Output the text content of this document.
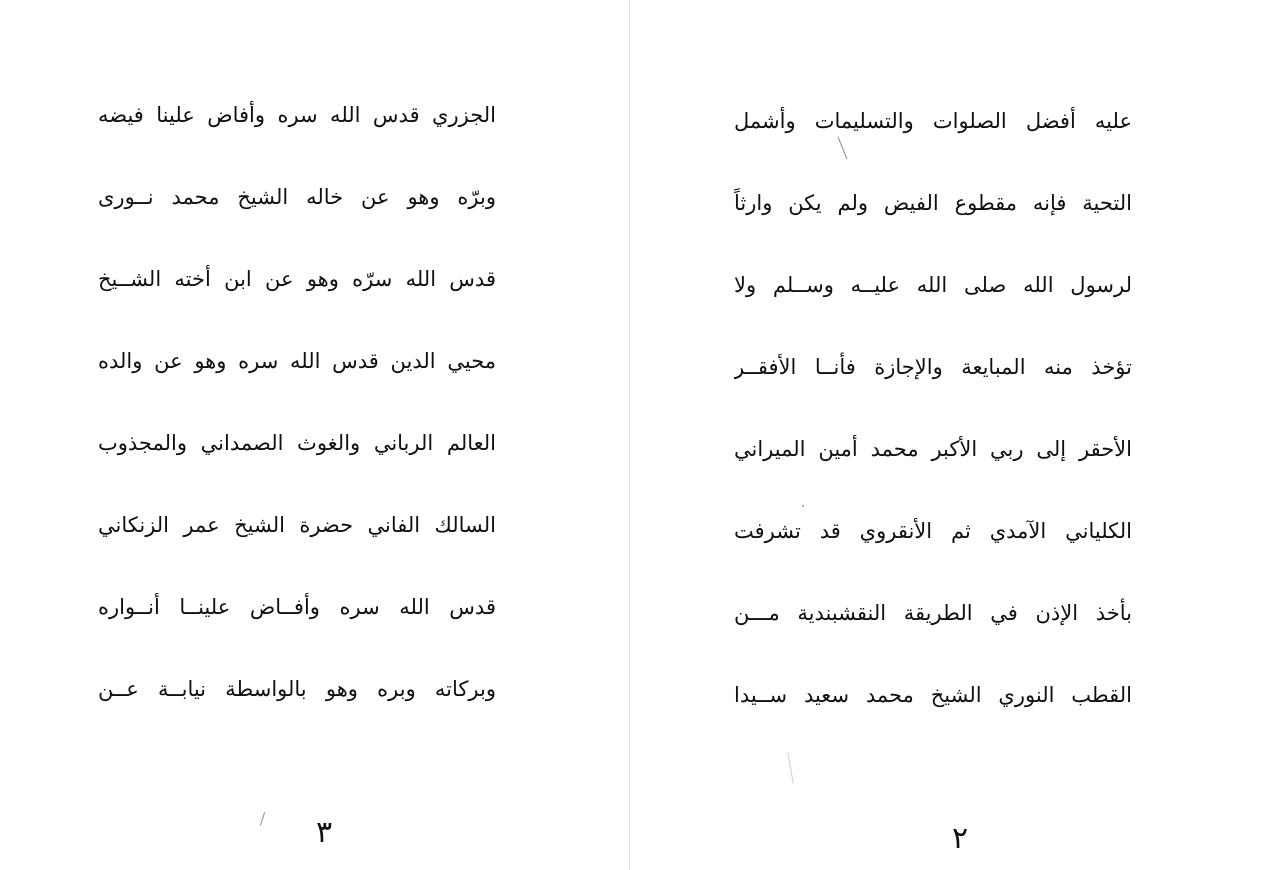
الجزري قدس الله سره وأفاض علينا فيضه
وبرّه وهو عن خاله الشيخ محمد نــورى
قدس الله سرّه وهو عن ابن أخته الشــيخ
محيي الدين قدس الله سره وهو عن والده
العالم الرباني والغوث الصمداني والمجذوب
السالك الفاني حضرة الشيخ عمر الزنكاني
قدس الله سره وأفــاض علينــا أنــواره
وبركاته وبره وهو بالواسطة نيابــة عــن
٣
عليه أفضل الصلوات والتسليمات وأشمل
التحية فإنه مقطوع الفيض ولم يكن وارثاً
لرسول الله صلى الله عليــه وســلم ولا
تؤخذ منه المبايعة والإجازة فأنــا الأفقــر
الأحقر إلى ربي الأكبر محمد أمين الميراني
الكلياني الآمدي ثم الأنقروي قد تشرفت
بأخذ الإذن في الطريقة النقشبندية مـــن
القطب النوري الشيخ محمد سعيد ســيدا
٢
